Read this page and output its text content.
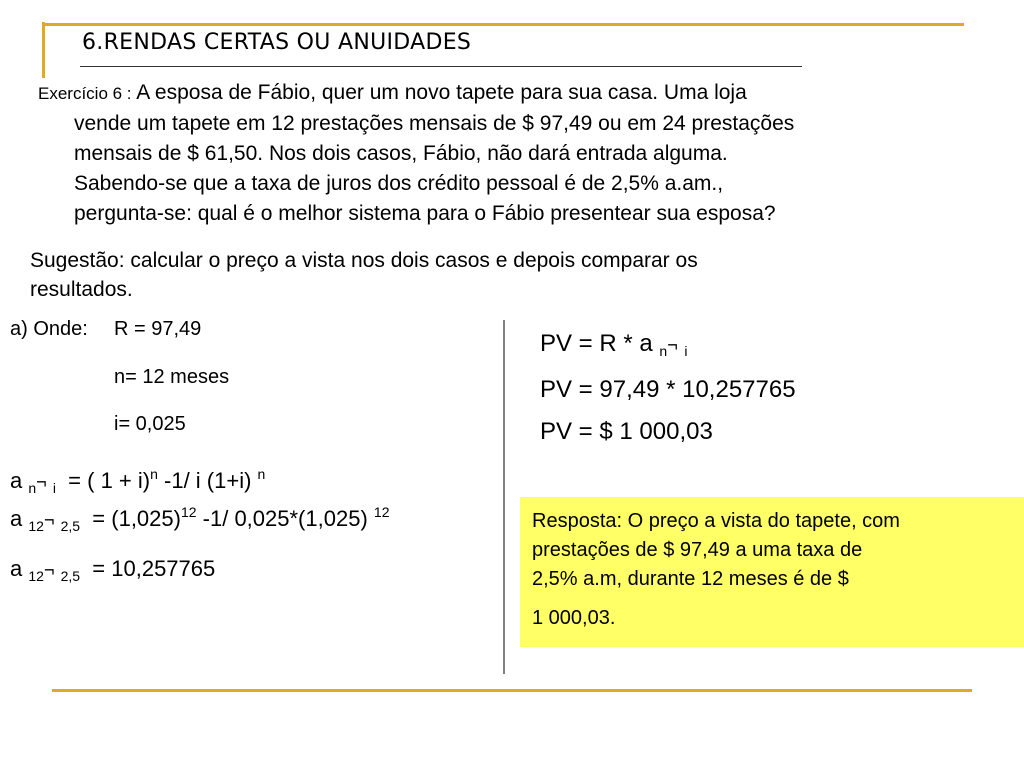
6.RENDAS CERTAS OU ANUIDADES
Exercício 6 : A esposa de Fábio, quer um novo tapete para sua casa. Uma loja
vende um tapete em 12 prestações mensais de $ 97,49 ou em 24 prestações
mensais de $ 61,50. Nos dois casos, Fábio, não dará entrada alguma.
Sabendo-se que a taxa de juros dos crédito pessoal é de 2,5% a.am.,
pergunta-se: qual é o melhor sistema para o Fábio presentear sua esposa?
Sugestão: calcular o preço a vista nos dois casos e depois comparar os
resultados.
a) Onde: R = 97,49
n= 12 meses
i= 0,025
a $_n$¬ $_i$ = ( 1 + i)$^n$ -1/ i (1+i) $^n$
a $_{12}$¬ $_{2,5} = (1,025)^{12}$ -1/ 0,025*(1,025) $^{12}$
a $_{12}$¬ $_{2,5}$ = 10,257765
PV = R * a $_n$¬ $_i$
PV = 97,49 * 10,257765
PV = $ 1 000,03
Resposta: O preço a vista do tapete, com
prestações de $ 97,49 a uma taxa de
2,5% a.m, durante 12 meses é de $
1 000,03.
